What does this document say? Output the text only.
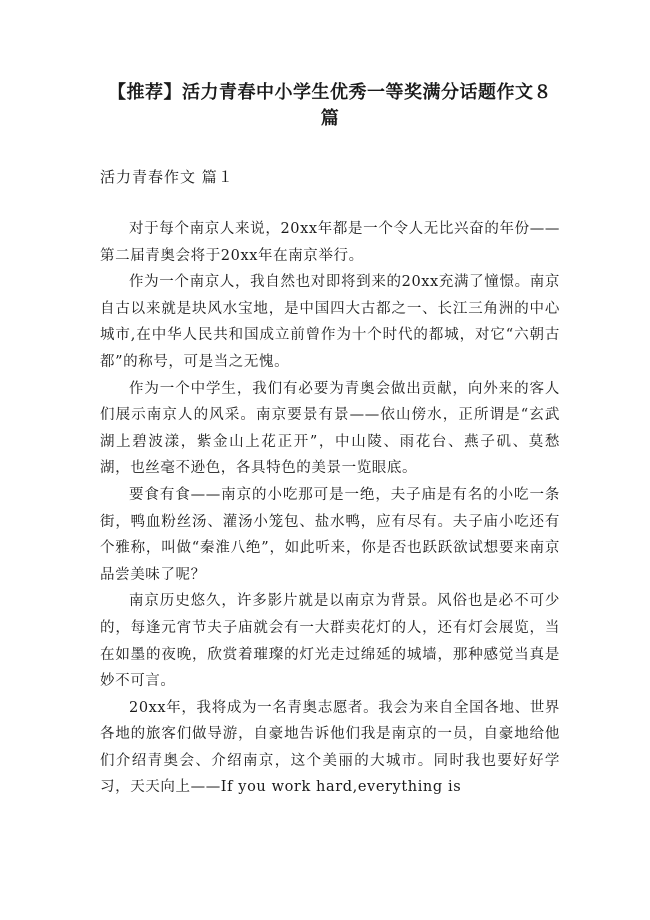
【推荐】活力青春中小学生优秀一等奖满分话题作文８篇
活力青春作文 篇１

对于每个南京人来说，20xx年都是一个令人无比兴奋的年份——第二届青奥会将于20xx年在南京举行。

作为一个南京人，我自然也对即将到来的20xx充满了憧憬。南京自古以来就是块风水宝地，是中国四大古都之一、长江三角洲的中心城市,在中华人民共和国成立前曾作为十个时代的都城，对它“六朝古都”的称号，可是当之无愧。

作为一个中学生，我们有必要为青奥会做出贡献，向外来的客人们展示南京人的风采。南京要景有景——依山傍水，正所谓是“玄武湖上碧波漾，紫金山上花正开”，中山陵、雨花台、燕子矶、莫愁湖，也丝毫不逊色，各具特色的美景一览眼底。

要食有食——南京的小吃那可是一绝，夫子庙是有名的小吃一条街，鸭血粉丝汤、灌汤小笼包、盐水鸭，应有尽有。夫子庙小吃还有个雅称，叫做“秦淮八绝”，如此听来，你是否也跃跃欲试想要来南京品尝美味了呢？

南京历史悠久，许多影片就是以南京为背景。风俗也是必不可少的，每逢元宵节夫子庙就会有一大群卖花灯的人，还有灯会展览，当在如墨的夜晚，欣赏着璀璨的灯光走过绵延的城墙，那种感觉当真是妙不可言。

20xx年，我将成为一名青奥志愿者。我会为来自全国各地、世界各地的旅客们做导游，自豪地告诉他们我是南京的一员，自豪地给他们介绍青奥会、介绍南京，这个美丽的大城市。同时我也要好好学习，天天向上——If you work hard,everything is
